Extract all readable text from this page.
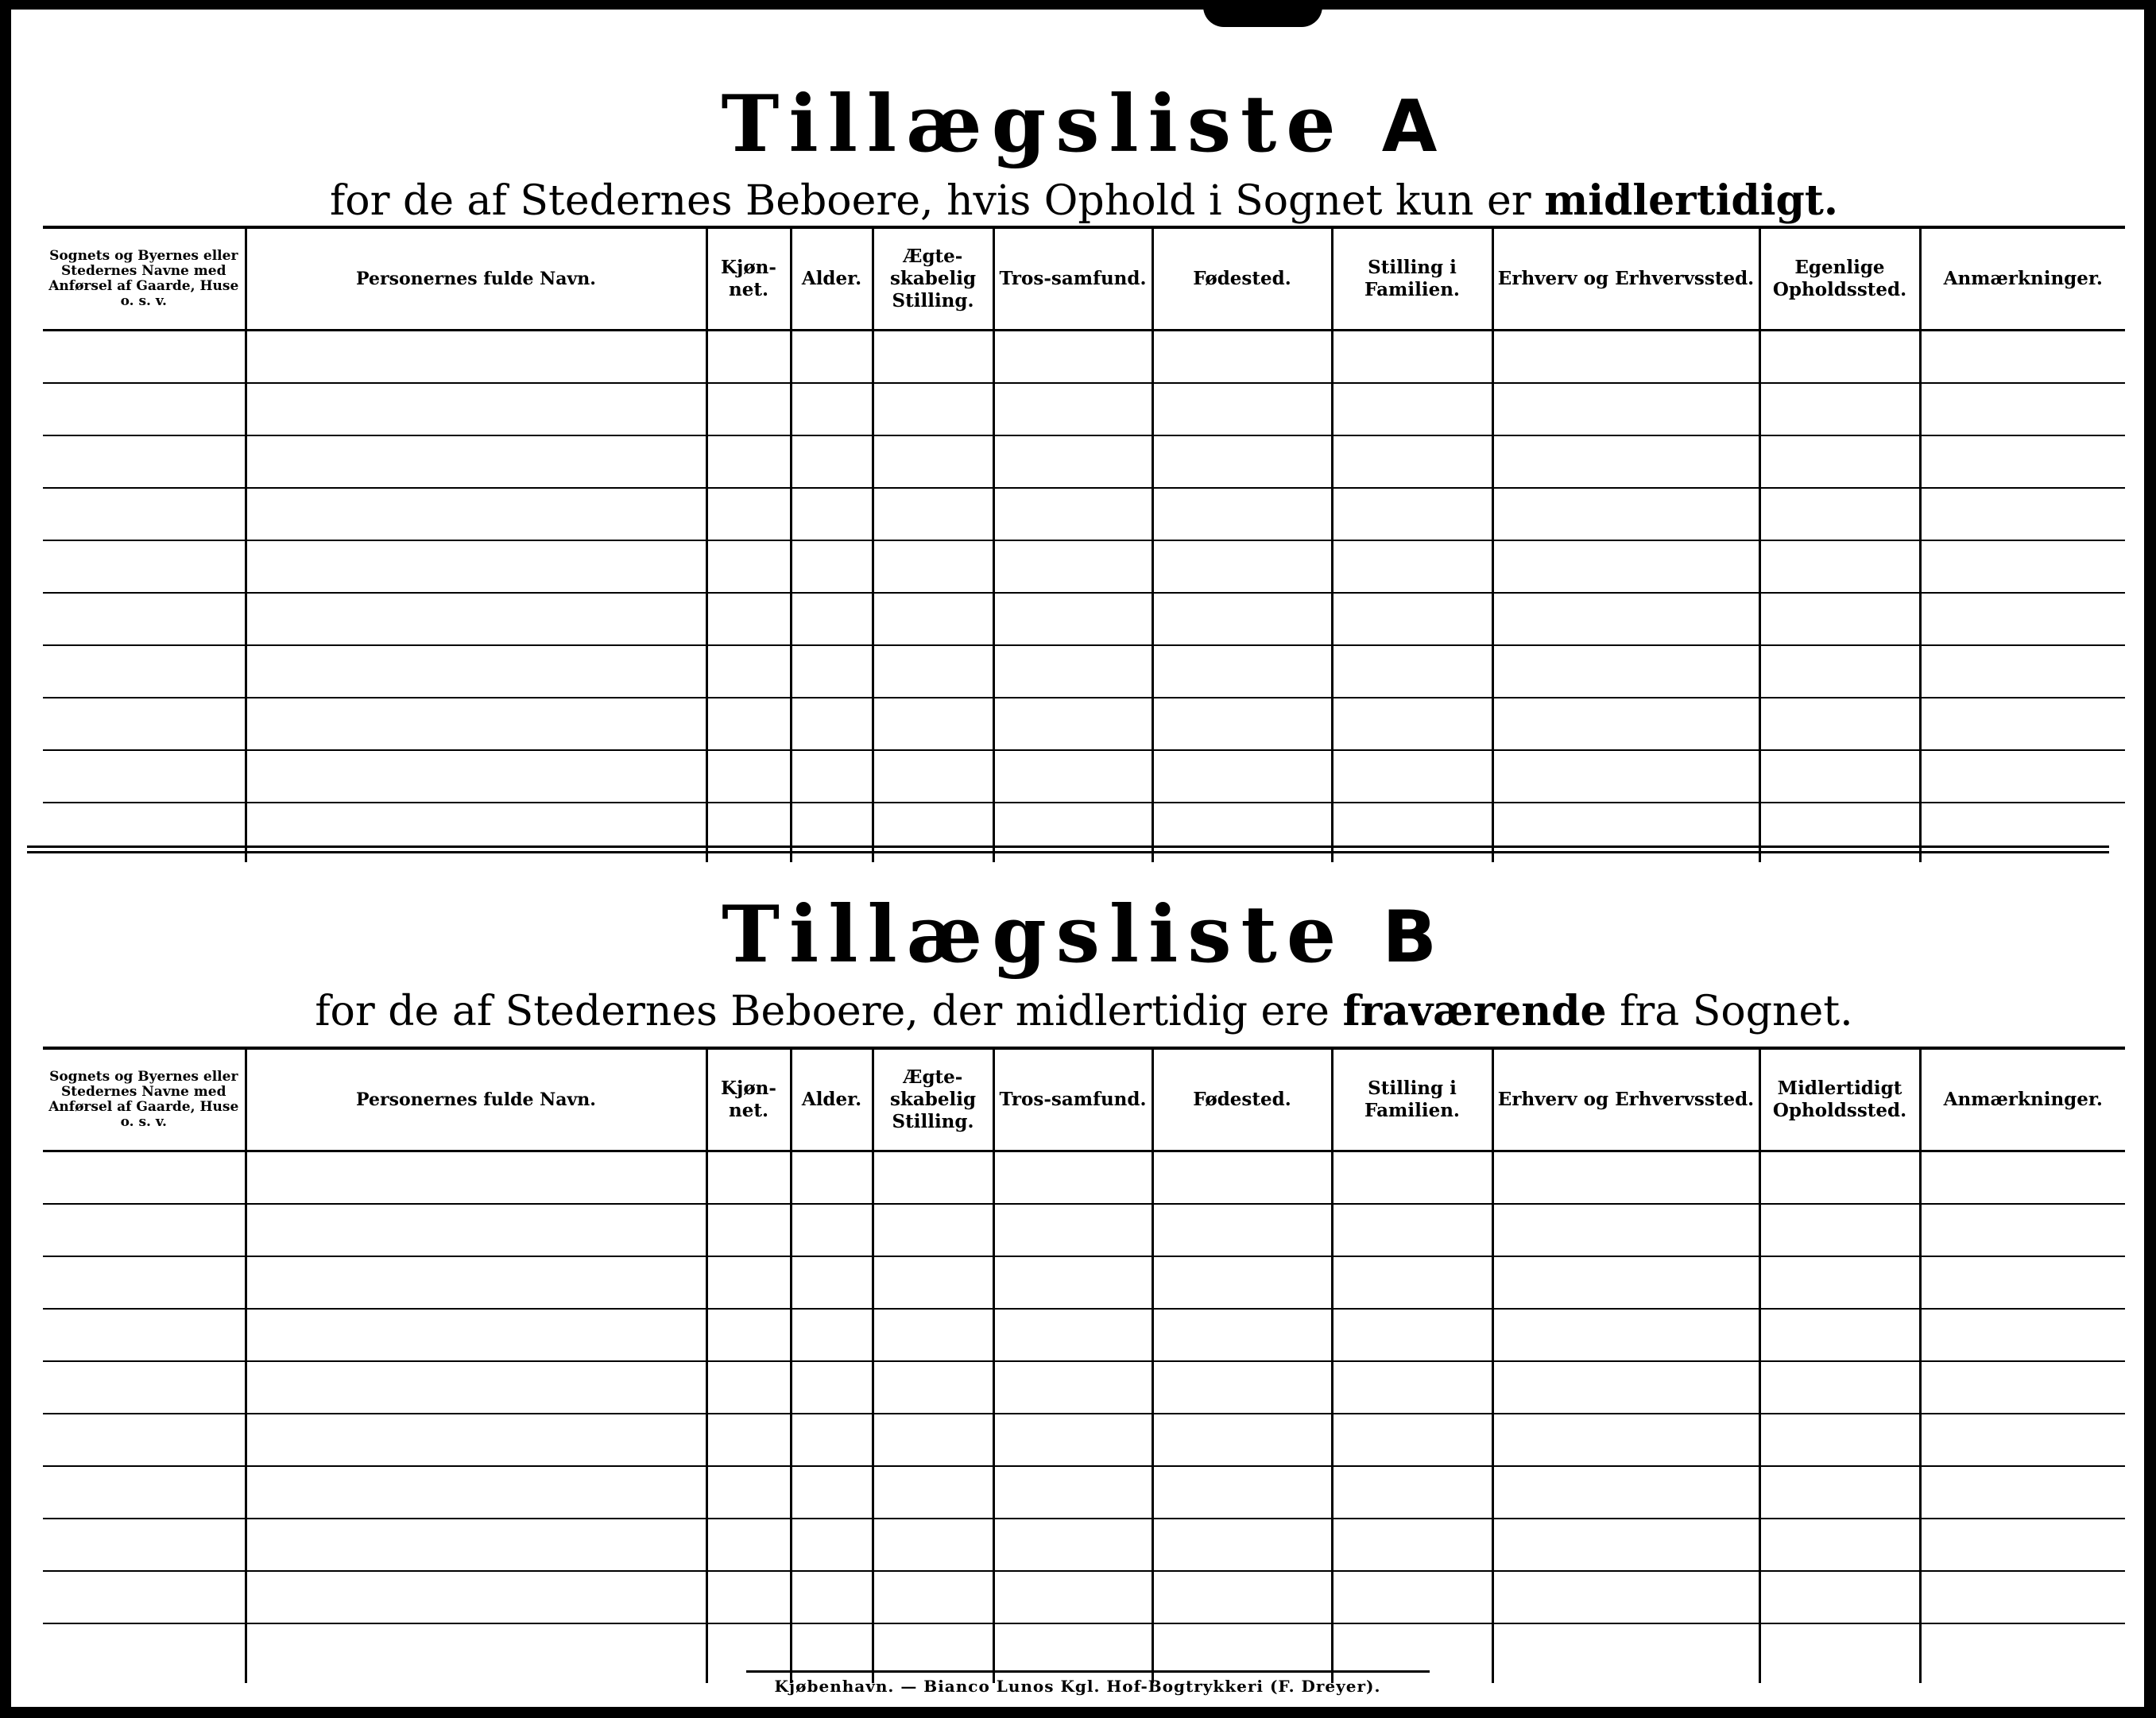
Tillægsliste A

for de af Stedernes Beboere, hvis Ophold i Sognet kun er midlertidigt.

Sognets og Byernes eller Stedernes Navne med Anførsel af Gaarde, Huse o. s. v.	Personernes fulde Navn.	Kjøn-net.	Alder.	Ægte-skabelig Stilling.	Tros-samfund.	Fødested.	Stilling i Familien.	Erhverv og Erhvervssted.	Egenlige Opholdssted.	Anmærkninger.

Tillægsliste B

for de af Stedernes Beboere, der midlertidig ere fraværende fra Sognet.

Sognets og Byernes eller Stedernes Navne med Anførsel af Gaarde, Huse o. s. v.	Personernes fulde Navn.	Kjøn-net.	Alder.	Ægte-skabelig Stilling.	Tros-samfund.	Fødested.	Stilling i Familien.	Erhverv og Erhvervssted.	Midlertidigt Opholdssted.	Anmærkninger.

Kjøbenhavn. — Bianco Lunos Kgl. Hof-Bogtrykkeri (F. Dreyer).
